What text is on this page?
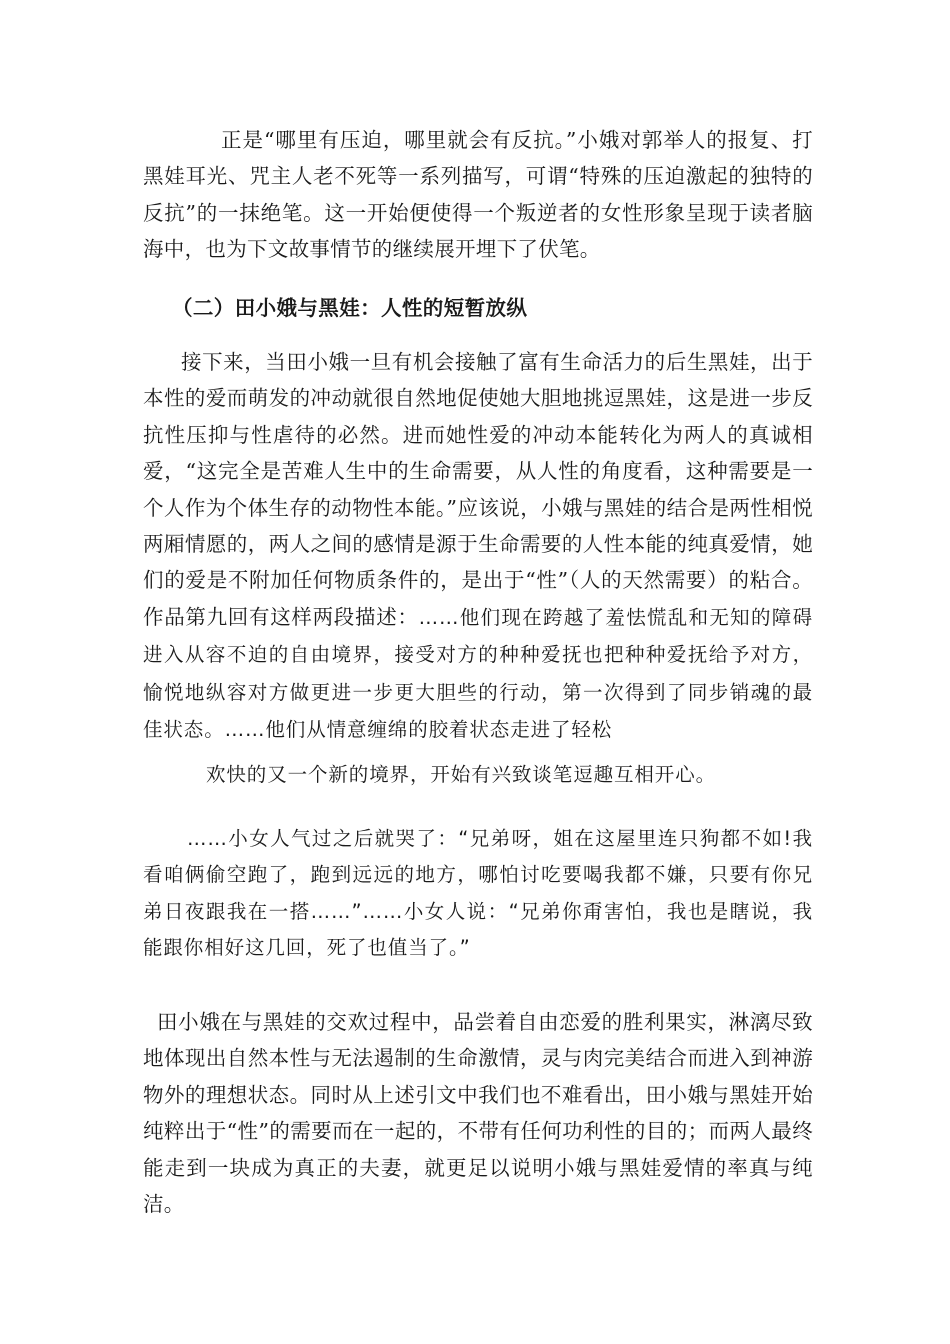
正是“哪里有压迫，哪里就会有反抗。”小娥对郭举人的报复、打黑娃耳光、咒主人老不死等一系列描写，可谓“特殊的压迫激起的独特的反抗”的一抹绝笔。这一开始便使得一个叛逆者的女性形象呈现于读者脑海中，也为下文故事情节的继续展开埋下了伏笔。

（二）田小娥与黑娃：人性的短暂放纵

接下来，当田小娥一旦有机会接触了富有生命活力的后生黑娃，出于本性的爱而萌发的冲动就很自然地促使她大胆地挑逗黑娃，这是进一步反抗性压抑与性虐待的必然。进而她性爱的冲动本能转化为两人的真诚相爱，“这完全是苦难人生中的生命需要，从人性的角度看，这种需要是一个人作为个体生存的动物性本能。”应该说，小娥与黑娃的结合是两性相悦两厢情愿的，两人之间的感情是源于生命需要的人性本能的纯真爱情，她们的爱是不附加任何物质条件的，是出于“性”（人的天然需要）的粘合。作品第九回有这样两段描述：……他们现在跨越了羞怯慌乱和无知的障碍进入从容不迫的自由境界，接受对方的种种爱抚也把种种爱抚给予对方，愉悦地纵容对方做更进一步更大胆些的行动，第一次得到了同步销魂的最佳状态。……他们从情意缠绵的胶着状态走进了轻松

欢快的又一个新的境界，开始有兴致谈笔逗趣互相开心。

……小女人气过之后就哭了：“兄弟呀，姐在这屋里连只狗都不如!我看咱俩偷空跑了，跑到远远的地方，哪怕讨吃要喝我都不嫌，只要有你兄弟日夜跟我在一搭……”……小女人说：“兄弟你甭害怕，我也是瞎说，我能跟你相好这几回，死了也值当了。”

田小娥在与黑娃的交欢过程中，品尝着自由恋爱的胜利果实，淋漓尽致地体现出自然本性与无法遏制的生命激情，灵与肉完美结合而进入到神游物外的理想状态。同时从上述引文中我们也不难看出，田小娥与黑娃开始纯粹出于“性”的需要而在一起的，不带有任何功利性的目的；而两人最终能走到一块成为真正的夫妻，就更足以说明小娥与黑娃爱情的率真与纯洁。
